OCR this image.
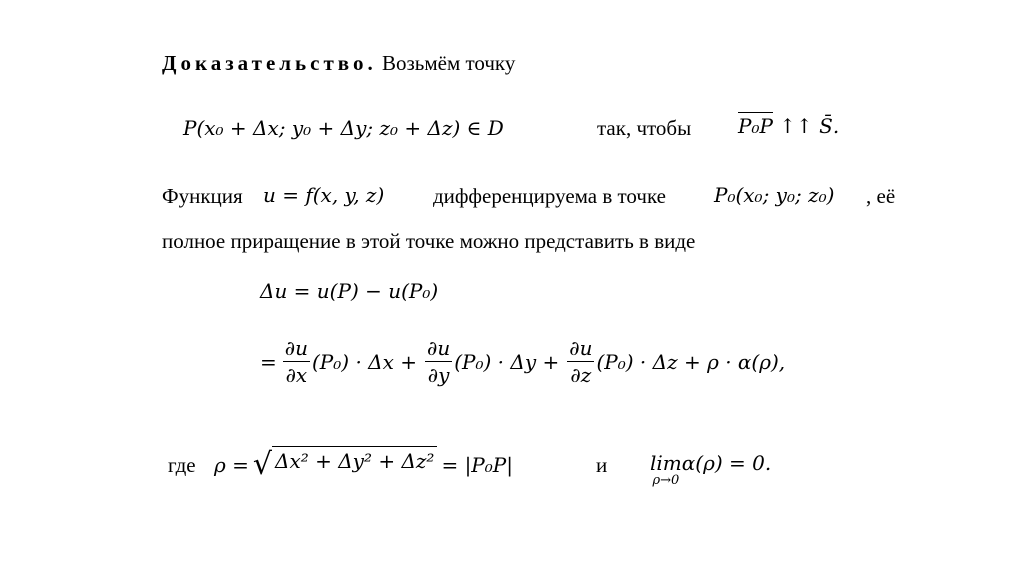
Доказательство. Возьмём точку
P(x₀ + Δx; y₀ + Δy; z₀ + Δz) ∈ D	так, чтобы P₀P ↑↑ S̄.
Функция u = f(x, y, z) дифференцируема в точке P₀(x₀; y₀; z₀) , её
полное приращение в этой точке можно представить в виде
Δu = u(P) − u(P₀)
= $\frac{\partial u}{\partial x} (P_0) \cdot \Delta x + \frac{\partial u}{\partial y} (P_0) \cdot \Delta y + \frac{\partial u}{\partial z} (P_0) \cdot \Delta z + \rho \cdot \alpha(\rho)$,
где ρ = √ Δx² + Δy² + Δz² = |P₀P|	и lim
ρ→0
α(ρ) = 0.
